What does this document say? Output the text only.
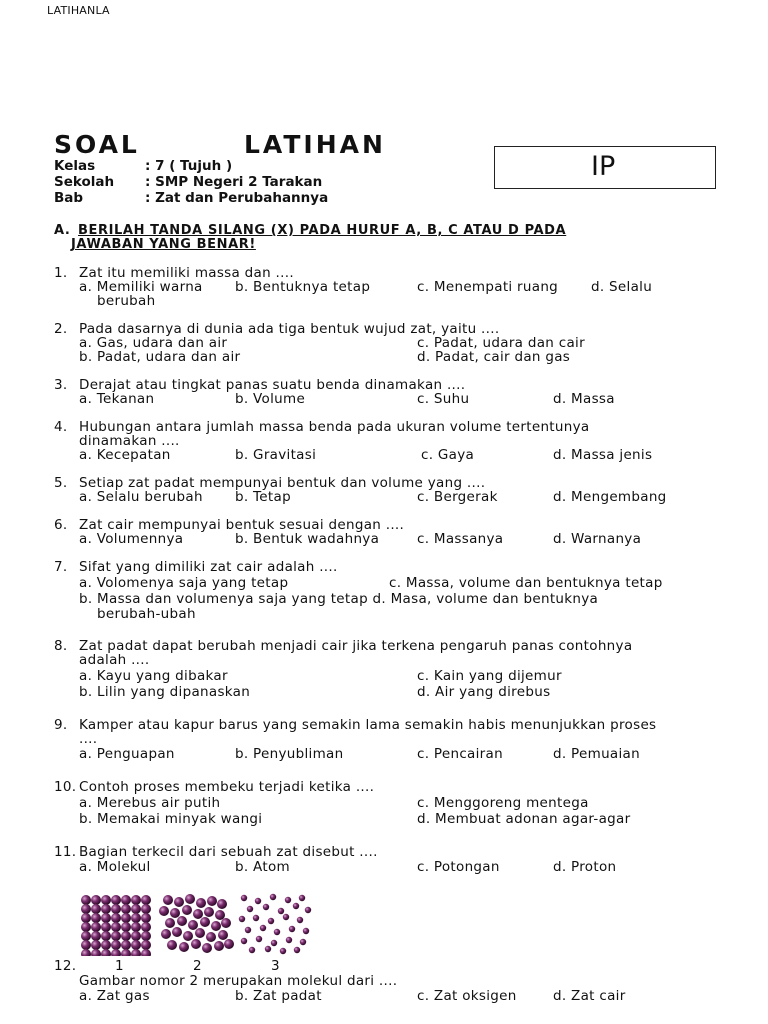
LATIHANLA
SOAL	LATIHAN
IP
Kelas	: 7 ( Tujuh )
Sekolah : SMP Negeri 2 Tarakan
Bab	: Zat dan Perubahannya
A. BERILAH TANDA SILANG (X) PADA HURUF A, B, C ATAU D PADA
JAWABAN YANG BENAR!
1. Zat itu memiliki massa dan ....
a. Memiliki warna b. Bentuknya tetap	c. Menempati ruang d. Selalu
berubah
2. Pada dasarnya di dunia ada tiga bentuk wujud zat, yaitu ....
a. Gas, udara dan air	c. Padat, udara dan cair
b. Padat, udara dan air	d. Padat, cair dan gas
3. Derajat atau tingkat panas suatu benda dinamakan ....
a. Tekanan	b. Volume	c. Suhu	d. Massa
4. Hubungan antara jumlah massa benda pada ukuran volume tertentunya
dinamakan ....
a. Kecepatan	b. Gravitasi	c. Gaya	d. Massa jenis
5. Setiap zat padat mempunyai bentuk dan volume yang ....
a. Selalu berubah b. Tetap	c. Bergerak	d. Mengembang
6. Zat cair mempunyai bentuk sesuai dengan ....
a. Volumennya	b. Bentuk wadahnya	c. Massanya	d. Warnanya
7. Sifat yang dimiliki zat cair adalah ....
a. Volomenya saja yang tetap	c. Massa, volume dan bentuknya tetap
b. Massa dan volumenya saja yang tetap d. Masa, volume dan bentuknya
berubah-ubah
8. Zat padat dapat berubah menjadi cair jika terkena pengaruh panas contohnya
adalah ....
a. Kayu yang dibakar	c. Kain yang dijemur
b. Lilin yang dipanaskan	d. Air yang direbus
9. Kamper atau kapur barus yang semakin lama semakin habis menunjukkan proses
....
a. Penguapan	b. Penyubliman	c. Pencairan	d. Pemuaian
10. Contoh proses membeku terjadi ketika ....
a. Merebus air putih	c. Menggoreng mentega
b. Memakai minyak wangi	d. Membuat adonan agar-agar
11. Bagian terkecil dari sebuah zat disebut ....
a. Molekul	b. Atom	c. Potongan	d. Proton
1	2	3
12.
Gambar nomor 2 merupakan molekul dari ....
a. Zat gas	b. Zat padat	c. Zat oksigen	d. Zat cair
